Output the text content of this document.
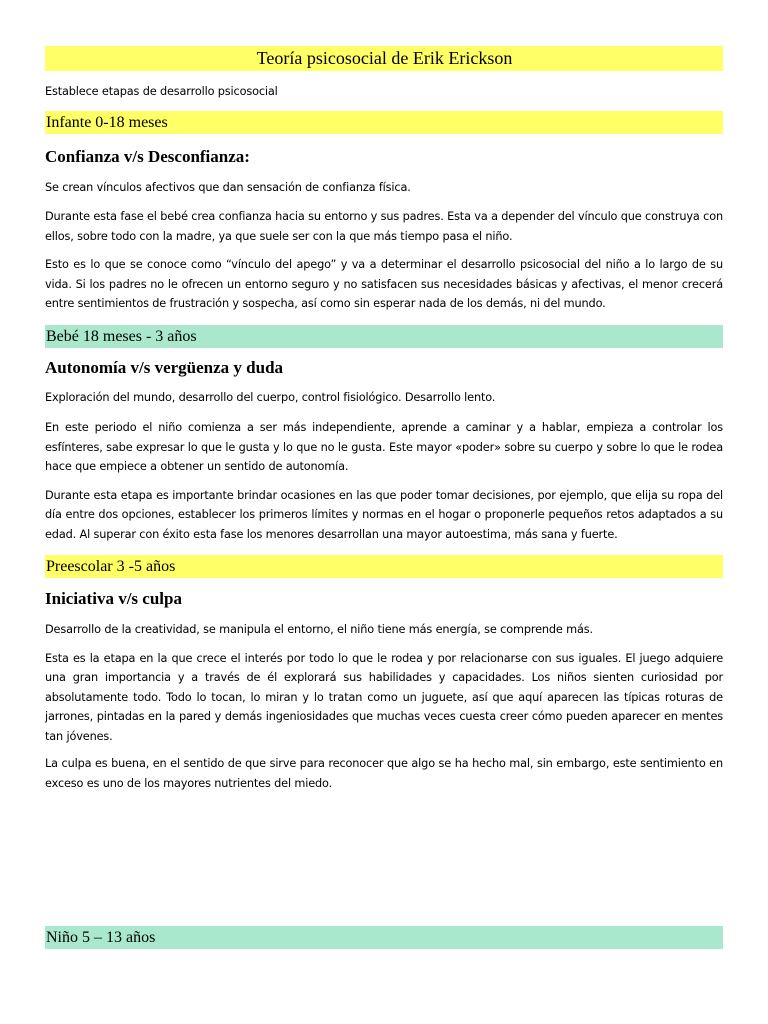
Teoría psicosocial de Erik Erickson

Establece etapas de desarrollo psicosocial

Infante 0-18 meses
Confianza v/s Desconfianza:

Se crean vínculos afectivos que dan sensación de confianza física.

Durante esta fase el bebé crea confianza hacia su entorno y sus padres. Esta va a depender del vínculo que construya con ellos, sobre todo con la madre, ya que suele ser con la que más tiempo pasa el niño.

Esto es lo que se conoce como “vínculo del apego” y va a determinar el desarrollo psicosocial del niño a lo largo de su vida. Si los padres no le ofrecen un entorno seguro y no satisfacen sus necesidades básicas y afectivas, el menor crecerá entre sentimientos de frustración y sospecha, así como sin esperar nada de los demás, ni del mundo.

Bebé 18 meses - 3 años
Autonomía v/s vergüenza y duda

Exploración del mundo, desarrollo del cuerpo, control fisiológico. Desarrollo lento.

En este periodo el niño comienza a ser más independiente, aprende a caminar y a hablar, empieza a controlar los esfínteres, sabe expresar lo que le gusta y lo que no le gusta. Este mayor «poder» sobre su cuerpo y sobre lo que le rodea hace que empiece a obtener un sentido de autonomía.

Durante esta etapa es importante brindar ocasiones en las que poder tomar decisiones, por ejemplo, que elija su ropa del día entre dos opciones, establecer los primeros límites y normas en el hogar o proponerle pequeños retos adaptados a su edad. Al superar con éxito esta fase los menores desarrollan una mayor autoestima, más sana y fuerte.

Preescolar 3 -5 años
Iniciativa v/s culpa

Desarrollo de la creatividad, se manipula el entorno, el niño tiene más energía, se comprende más.

Esta es la etapa en la que crece el interés por todo lo que le rodea y por relacionarse con sus iguales. El juego adquiere una gran importancia y a través de él explorará sus habilidades y capacidades. Los niños sienten curiosidad por absolutamente todo. Todo lo tocan, lo miran y lo tratan como un juguete, así que aquí aparecen las típicas roturas de jarrones, pintadas en la pared y demás ingeniosidades que muchas veces cuesta creer cómo pueden aparecer en mentes tan jóvenes.

La culpa es buena, en el sentido de que sirve para reconocer que algo se ha hecho mal, sin embargo, este sentimiento en exceso es uno de los mayores nutrientes del miedo.

Niño 5 – 13 años
